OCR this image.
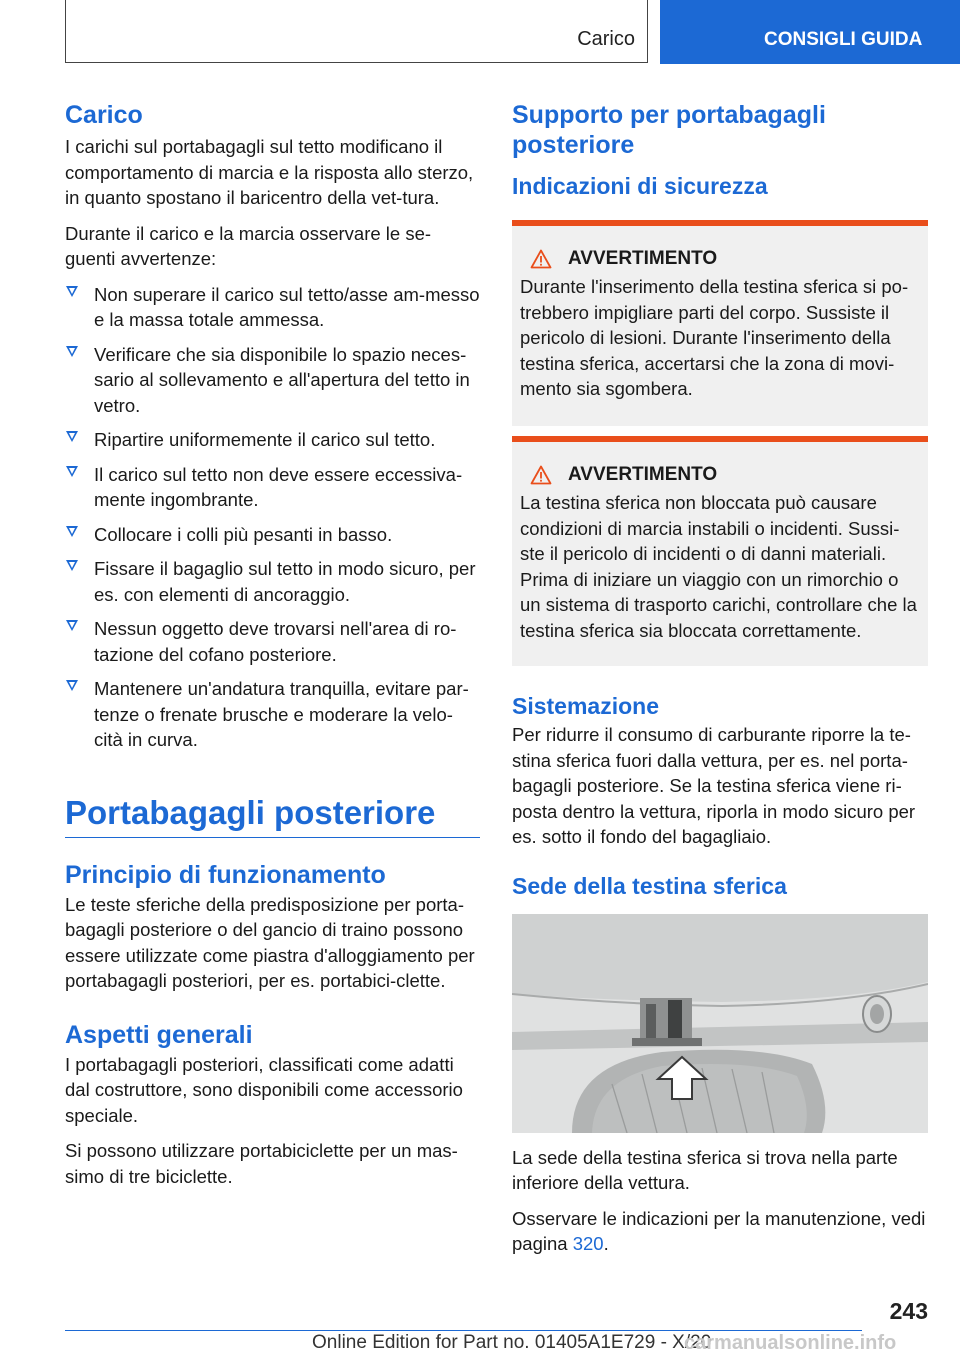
Carico	CONSIGLI GUIDA
Carico

I carichi sul portabagagli sul tetto modificano il comportamento di marcia e la risposta allo sterzo, in quanto spostano il baricentro della vet-tura.

Durante il carico e la marcia osservare le se-guenti avvertenze:

Non superare il carico sul tetto/asse am-messo e la massa totale ammessa.
Verificare che sia disponibile lo spazio neces-sario al sollevamento e all'apertura del tetto in vetro.
Ripartire uniformemente il carico sul tetto.
Il carico sul tetto non deve essere eccessiva-mente ingombrante.
Collocare i colli più pesanti in basso.
Fissare il bagaglio sul tetto in modo sicuro, per es. con elementi di ancoraggio.
Nessun oggetto deve trovarsi nell'area di ro-tazione del cofano posteriore.
Mantenere un'andatura tranquilla, evitare par-tenze o frenate brusche e moderare la velo-cità in curva.
Portabagagli posteriore
Principio di funzionamento

Le teste sferiche della predisposizione per porta-bagagli posteriore o del gancio di traino possono essere utilizzate come piastra d'alloggiamento per portabagagli posteriori, per es. portabici-clette.

Aspetti generali

I portabagagli posteriori, classificati come adatti dal costruttore, sono disponibili come accessorio speciale.

Si possono utilizzare portabiciclette per un mas-simo di tre biciclette.

Supporto per portabagagli posteriore
Indicazioni di sicurezza
AVVERTIMENTO

Durante l'inserimento della testina sferica si po-trebbero impigliare parti del corpo. Sussiste il pericolo di lesioni. Durante l'inserimento della testina sferica, accertarsi che la zona di movi-mento sia sgombera.

AVVERTIMENTO

La testina sferica non bloccata può causare condizioni di marcia instabili o incidenti. Sussi-ste il pericolo di incidenti o di danni materiali. Prima di iniziare un viaggio con un rimorchio o un sistema di trasporto carichi, controllare che la testina sferica sia bloccata correttamente.

Sistemazione

Per ridurre il consumo di carburante riporre la te-stina sferica fuori dalla vettura, per es. nel porta-bagagli posteriore. Se la testina sferica viene ri-posta dentro la vettura, riporla in modo sicuro per es. sotto il fondo del bagagliaio.

Sede della testina sferica

La sede della testina sferica si trova nella parte inferiore della vettura.

Osservare le indicazioni per la manutenzione, vedi pagina 320.

243
Online Edition for Part no. 01405A1E729 - X/20
carmanualsonline.info
